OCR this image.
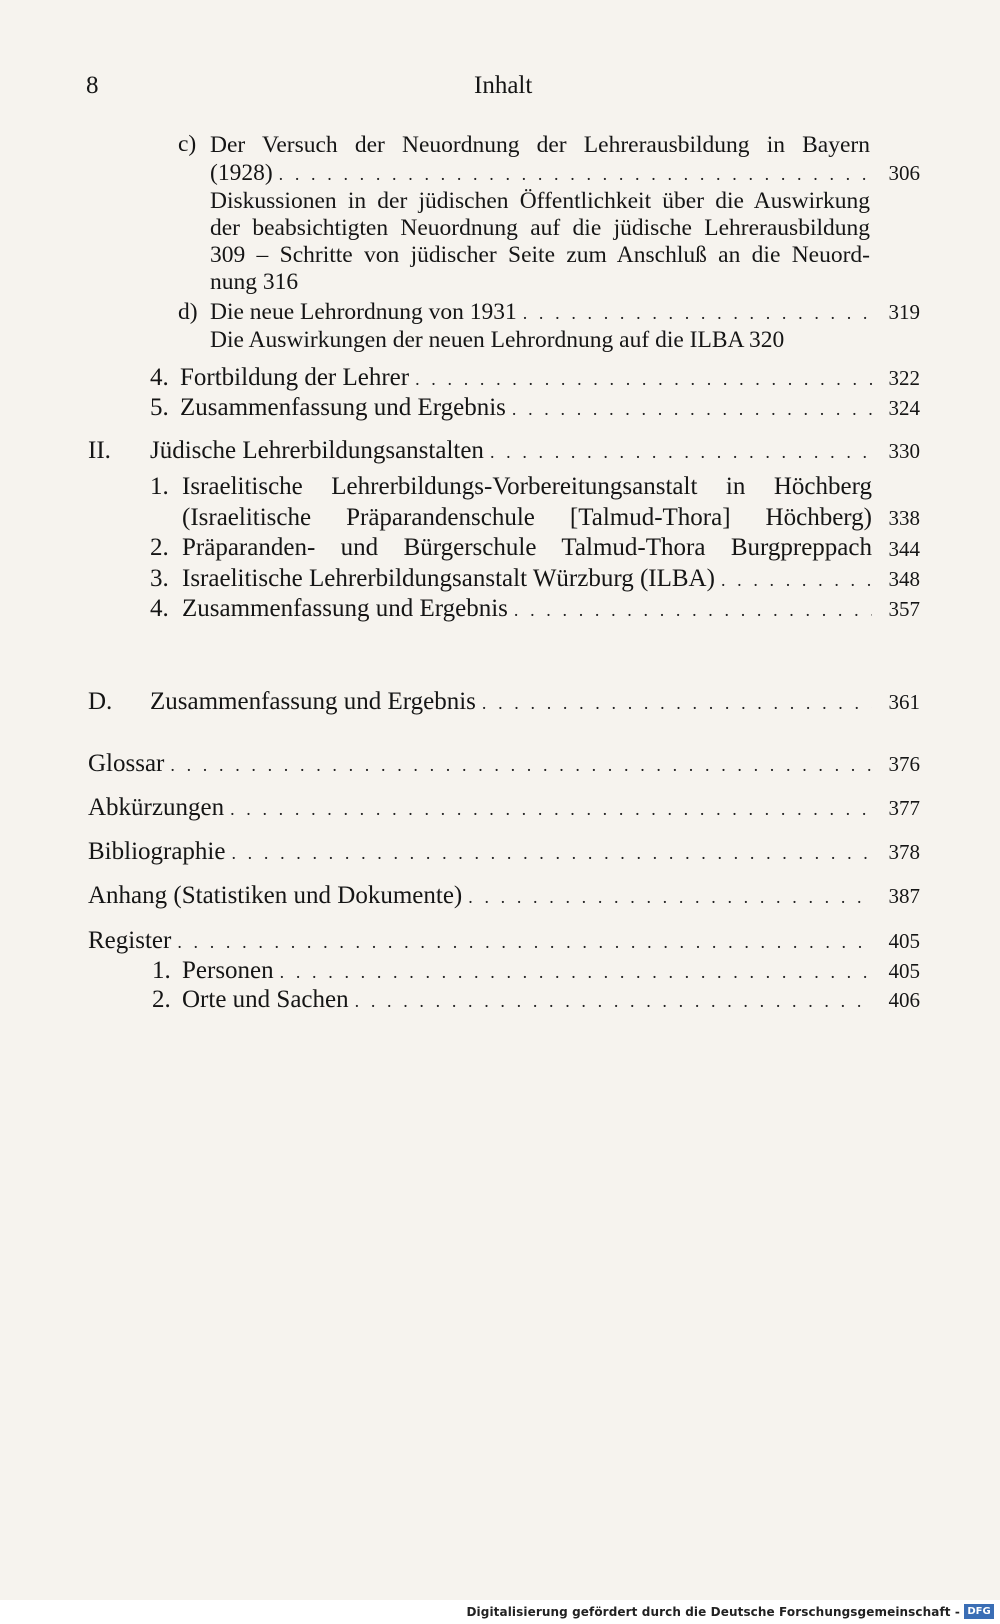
8	Inhalt
c) Der Versuch der Neuordnung der Lehrerausbildung in Bayern
(1928) . . .	306
Diskussionen in der jüdischen Öffentlichkeit über die Auswirkung
der beabsichtigten Neuordnung auf die jüdische Lehrerausbildung
309 – Schritte von jüdischer Seite zum Anschluß an die Neuord-
nung 316
d) Die neue Lehrordnung von 1931 . . .	319
Die Auswirkungen der neuen Lehrordnung auf die ILBA 320
4. Fortbildung der Lehrer . . .	322
5. Zusammenfassung und Ergebnis . . .	324
II.	Jüdische Lehrerbildungsanstalten . . .	330
1. Israelitische Lehrerbildungs-Vorbereitungsanstalt in Höchberg
(Israelitische Präparandenschule [Talmud-Thora] Höchberg) 338
2. Präparanden- und Bürgerschule Talmud-Thora Burgpreppach 344
3. Israelitische Lehrerbildungsanstalt Würzburg (ILBA) . . .	348
4. Zusammenfassung und Ergebnis . . .	357
D.	Zusammenfassung und Ergebnis . . .	361
Glossar . . .	376
Abkürzungen . . .	377
Bibliographie . . .	378
Anhang (Statistiken und Dokumente) . . .	387
Register . . .	405
1. Personen . . .	405
2. Orte und Sachen . . .	406
Digitalisierung gefördert durch die Deutsche Forschungsgemeinschaft - DFG
